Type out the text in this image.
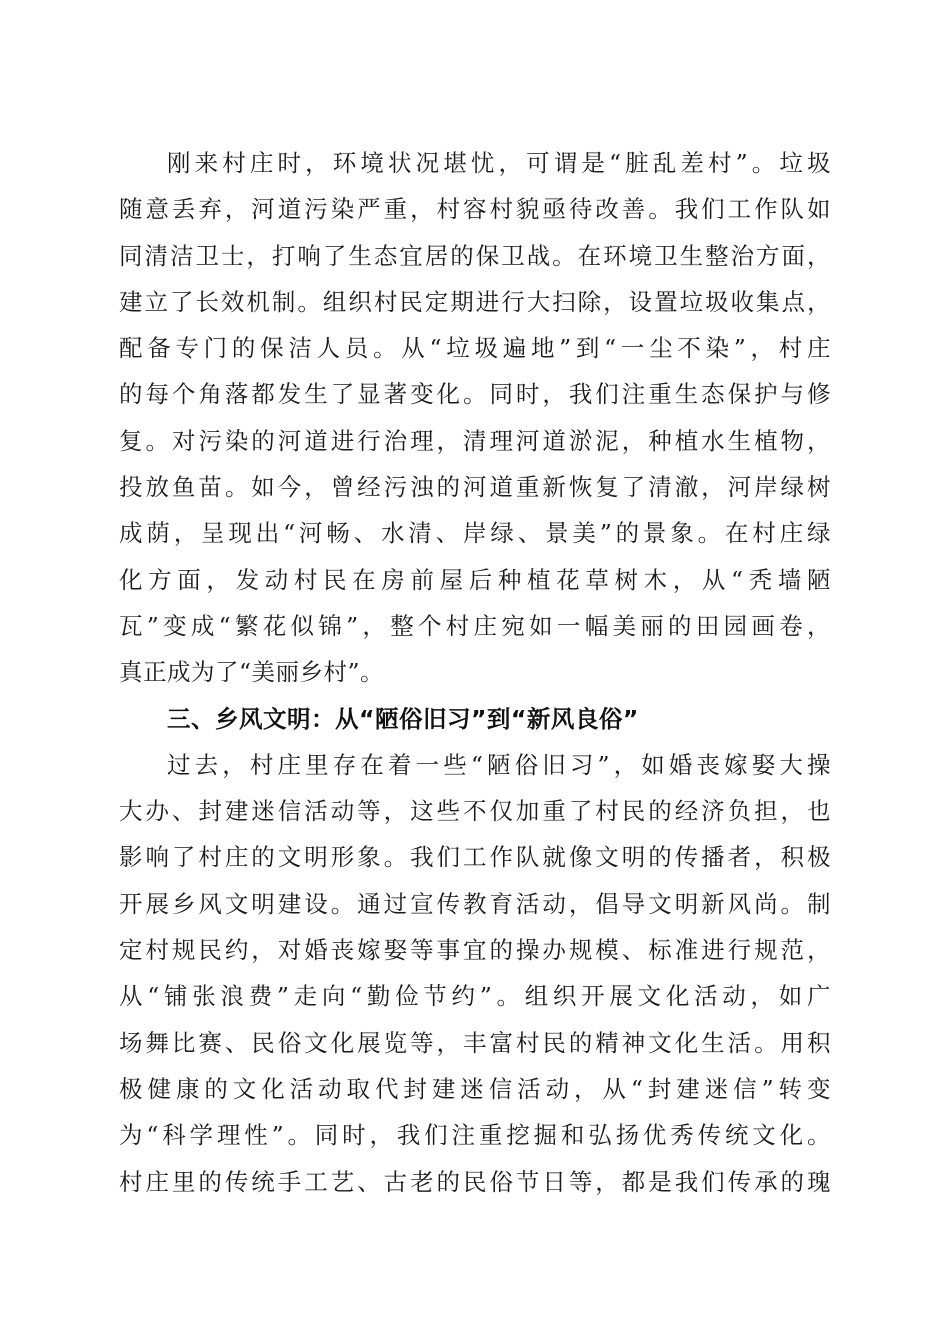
刚来村庄时，环境状况堪忧，可谓是“脏乱差村”。垃圾
随意丢弃，河道污染严重，村容村貌亟待改善。我们工作队如
同清洁卫士，打响了生态宜居的保卫战。在环境卫生整治方面，
建立了长效机制。组织村民定期进行大扫除，设置垃圾收集点，
配备专门的保洁人员。从“垃圾遍地”到“一尘不染”，村庄
的每个角落都发生了显著变化。同时，我们注重生态保护与修
复。对污染的河道进行治理，清理河道淤泥，种植水生植物，
投放鱼苗。如今，曾经污浊的河道重新恢复了清澈，河岸绿树
成荫，呈现出“河畅、水清、岸绿、景美”的景象。在村庄绿
化方面，发动村民在房前屋后种植花草树木，从“秃墙陋
瓦”变成“繁花似锦”，整个村庄宛如一幅美丽的田园画卷，
真正成为了“美丽乡村”。
三、乡风文明：从“陋俗旧习”到“新风良俗”
过去，村庄里存在着一些“陋俗旧习”，如婚丧嫁娶大操
大办、封建迷信活动等，这些不仅加重了村民的经济负担，也
影响了村庄的文明形象。我们工作队就像文明的传播者，积极
开展乡风文明建设。通过宣传教育活动，倡导文明新风尚。制
定村规民约，对婚丧嫁娶等事宜的操办规模、标准进行规范，
从“铺张浪费”走向“勤俭节约”。组织开展文化活动，如广
场舞比赛、民俗文化展览等，丰富村民的精神文化生活。用积
极健康的文化活动取代封建迷信活动，从“封建迷信”转变
为“科学理性”。同时，我们注重挖掘和弘扬优秀传统文化。
村庄里的传统手工艺、古老的民俗节日等，都是我们传承的瑰
